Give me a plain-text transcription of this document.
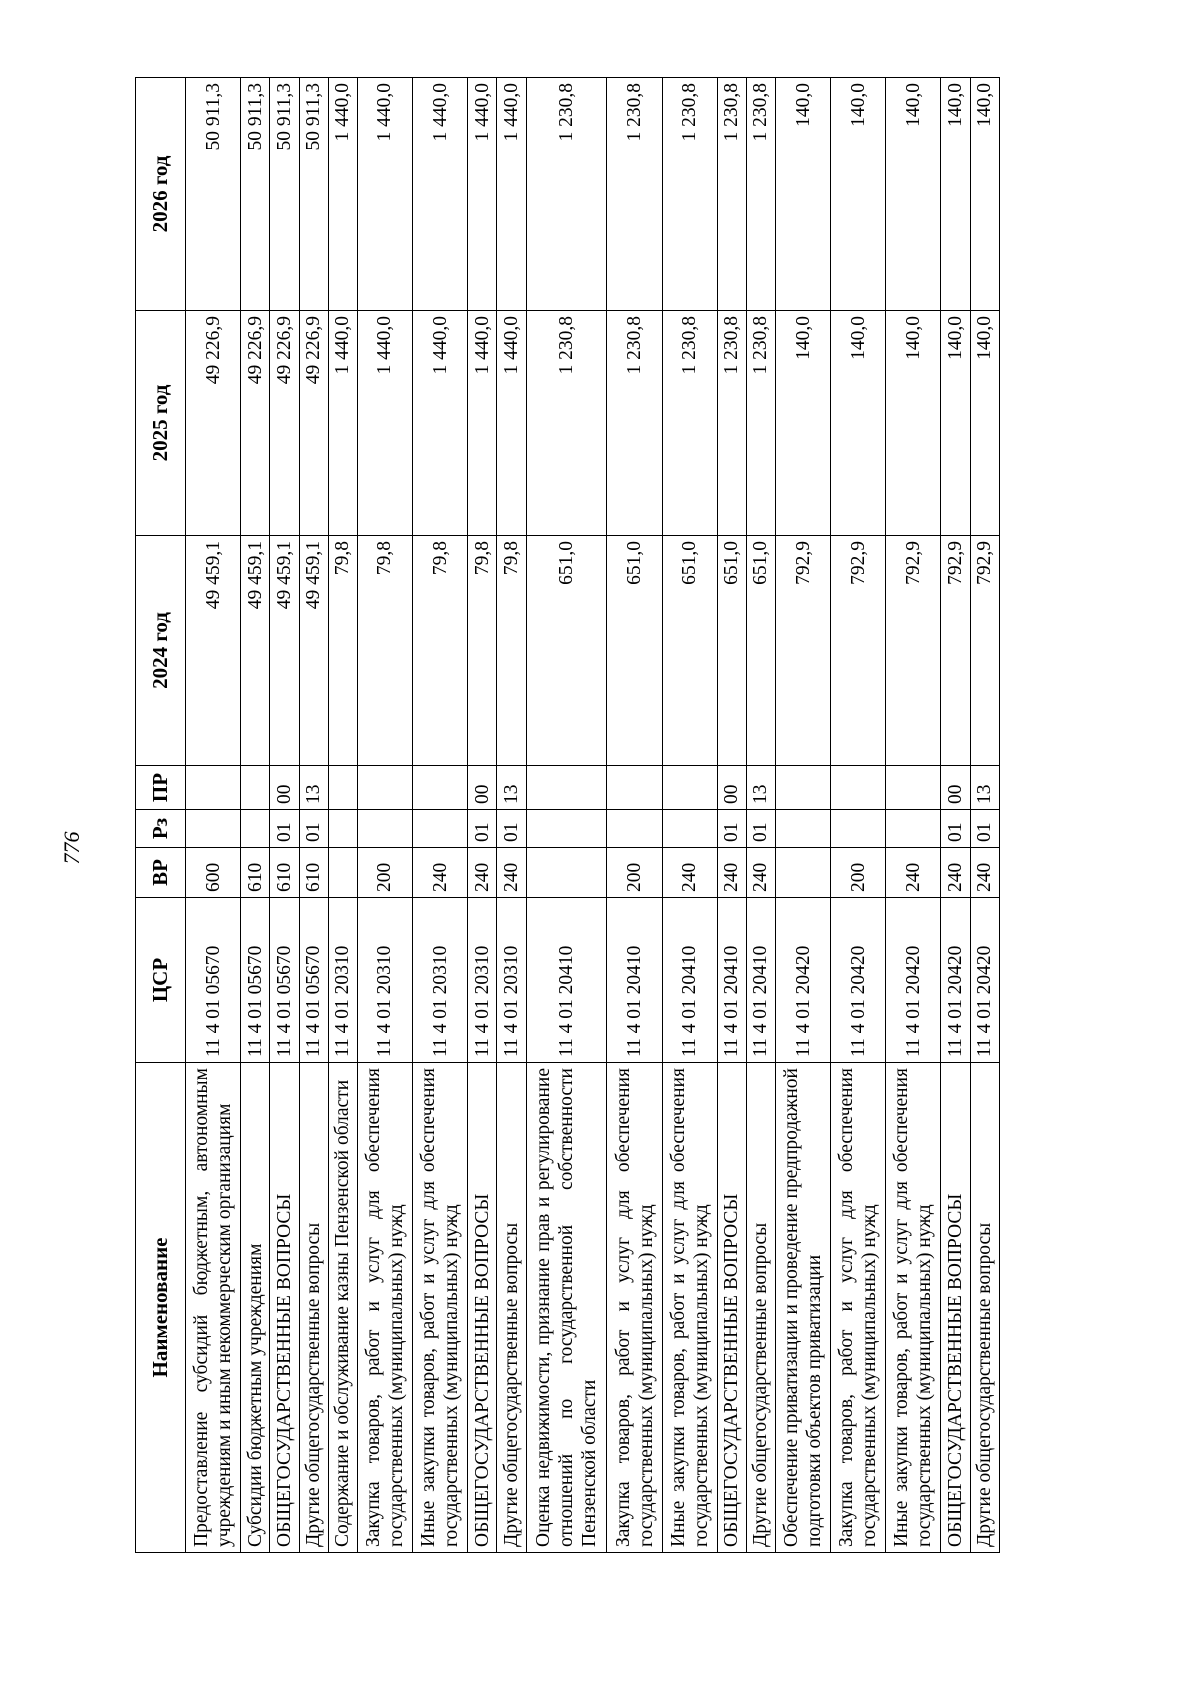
776
Наименование	ЦСР	ВР	Рз	ПР	2024 год	2025 год	2026 год
Предоставление субсидий бюджетным, автономным учреждениям и иным некоммерческим организациям	11 4 01 05670	600			49 459,1	49 226,9	50 911,3
Субсидии бюджетным учреждениям	11 4 01 05670	610			49 459,1	49 226,9	50 911,3
ОБЩЕГОСУДАРСТВЕННЫЕ ВОПРОСЫ	11 4 01 05670	610	01	00	49 459,1	49 226,9	50 911,3
Другие общегосударственные вопросы	11 4 01 05670	610	01	13	49 459,1	49 226,9	50 911,3
Содержание и обслуживание казны Пензенской области	11 4 01 20310				79,8	1 440,0	1 440,0
Закупка товаров, работ и услуг для обеспечения государственных (муниципальных) нужд	11 4 01 20310	200			79,8	1 440,0	1 440,0
Иные закупки товаров, работ и услуг для обеспечения государственных (муниципальных) нужд	11 4 01 20310	240			79,8	1 440,0	1 440,0
ОБЩЕГОСУДАРСТВЕННЫЕ ВОПРОСЫ	11 4 01 20310	240	01	00	79,8	1 440,0	1 440,0
Другие общегосударственные вопросы	11 4 01 20310	240	01	13	79,8	1 440,0	1 440,0
Оценка недвижимости, признание прав и регулирование отношений по государственной собственности Пензенской области	11 4 01 20410				651,0	1 230,8	1 230,8
Закупка товаров, работ и услуг для обеспечения государственных (муниципальных) нужд	11 4 01 20410	200			651,0	1 230,8	1 230,8
Иные закупки товаров, работ и услуг для обеспечения государственных (муниципальных) нужд	11 4 01 20410	240			651,0	1 230,8	1 230,8
ОБЩЕГОСУДАРСТВЕННЫЕ ВОПРОСЫ	11 4 01 20410	240	01	00	651,0	1 230,8	1 230,8
Другие общегосударственные вопросы	11 4 01 20410	240	01	13	651,0	1 230,8	1 230,8
Обеспечение приватизации и проведение предпродажной подготовки объектов приватизации	11 4 01 20420				792,9	140,0	140,0
Закупка товаров, работ и услуг для обеспечения государственных (муниципальных) нужд	11 4 01 20420	200			792,9	140,0	140,0
Иные закупки товаров, работ и услуг для обеспечения государственных (муниципальных) нужд	11 4 01 20420	240			792,9	140,0	140,0
ОБЩЕГОСУДАРСТВЕННЫЕ ВОПРОСЫ	11 4 01 20420	240	01	00	792,9	140,0	140,0
Другие общегосударственные вопросы	11 4 01 20420	240	01	13	792,9	140,0	140,0
